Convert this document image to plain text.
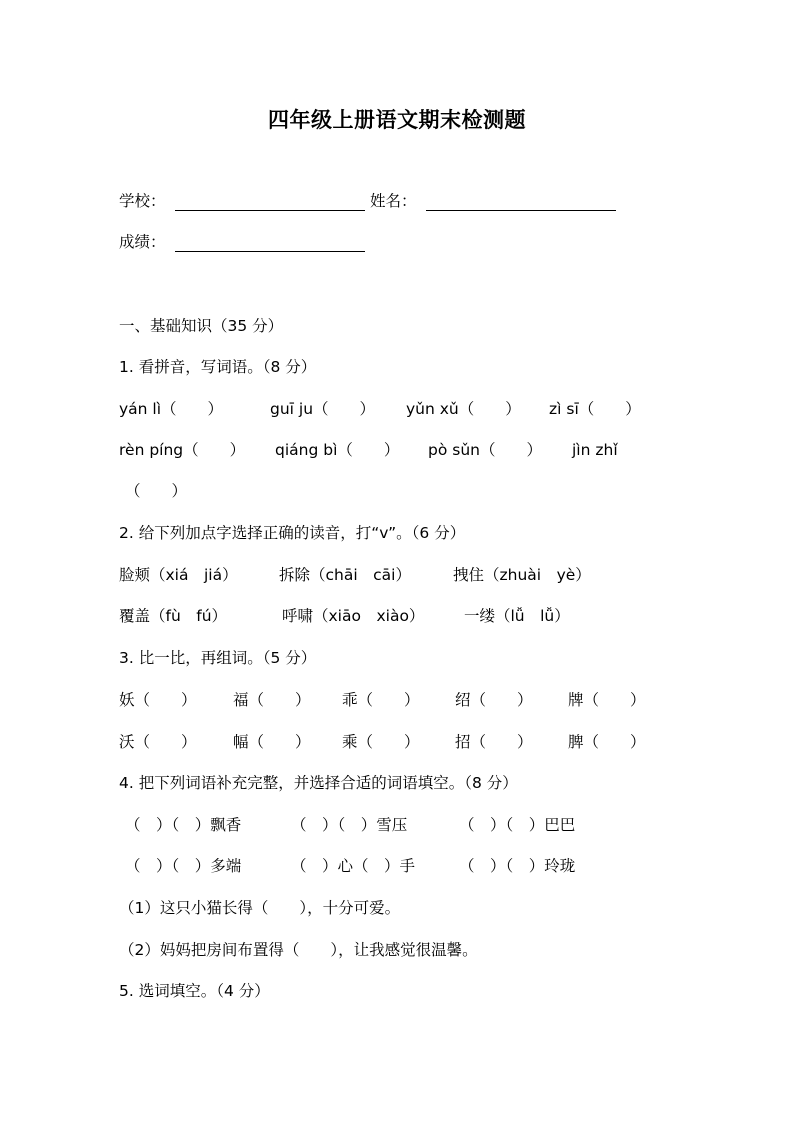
四年级上册语文期末检测题
学校：	姓名：
成绩：
一、基础知识（35 分）
1. 看拼音，写词语。（8 分）
yán lì（　　）	guī ju（　　） yǔn xǔ（　　） zì sī（　　）
rèn píng（　　） qiáng bì（　　） pò sǔn（　　） jìn zhǐ
（　　）
2. 给下列加点字选择正确的读音，打“v”。（6 分）
脸颊（xiá　jiá）	拆除（chāi　cāi）	拽住（zhuài　yè）
覆盖（fù　fú）	呼啸（xiāo　xiào）	一缕（lǚ　lǚ）
3. 比一比，再组词。（5 分）
妖（　　） 福（　　） 乖（　　） 绍（　　） 牌（　　）
沃（　　） 幅（　　） 乘（　　） 招（　　） 脾（　　）
4. 把下列词语补充完整，并选择合适的词语填空。（8 分）
（　）（　）飘香	（　）（　）雪压	（　）（　）巴巴
（　）（　）多端	（　）心（　）手	（　）（　）玲珑
（1）这只小猫长得（　　），十分可爱。
（2）妈妈把房间布置得（　　），让我感觉很温馨。
5. 选词填空。（4 分）
